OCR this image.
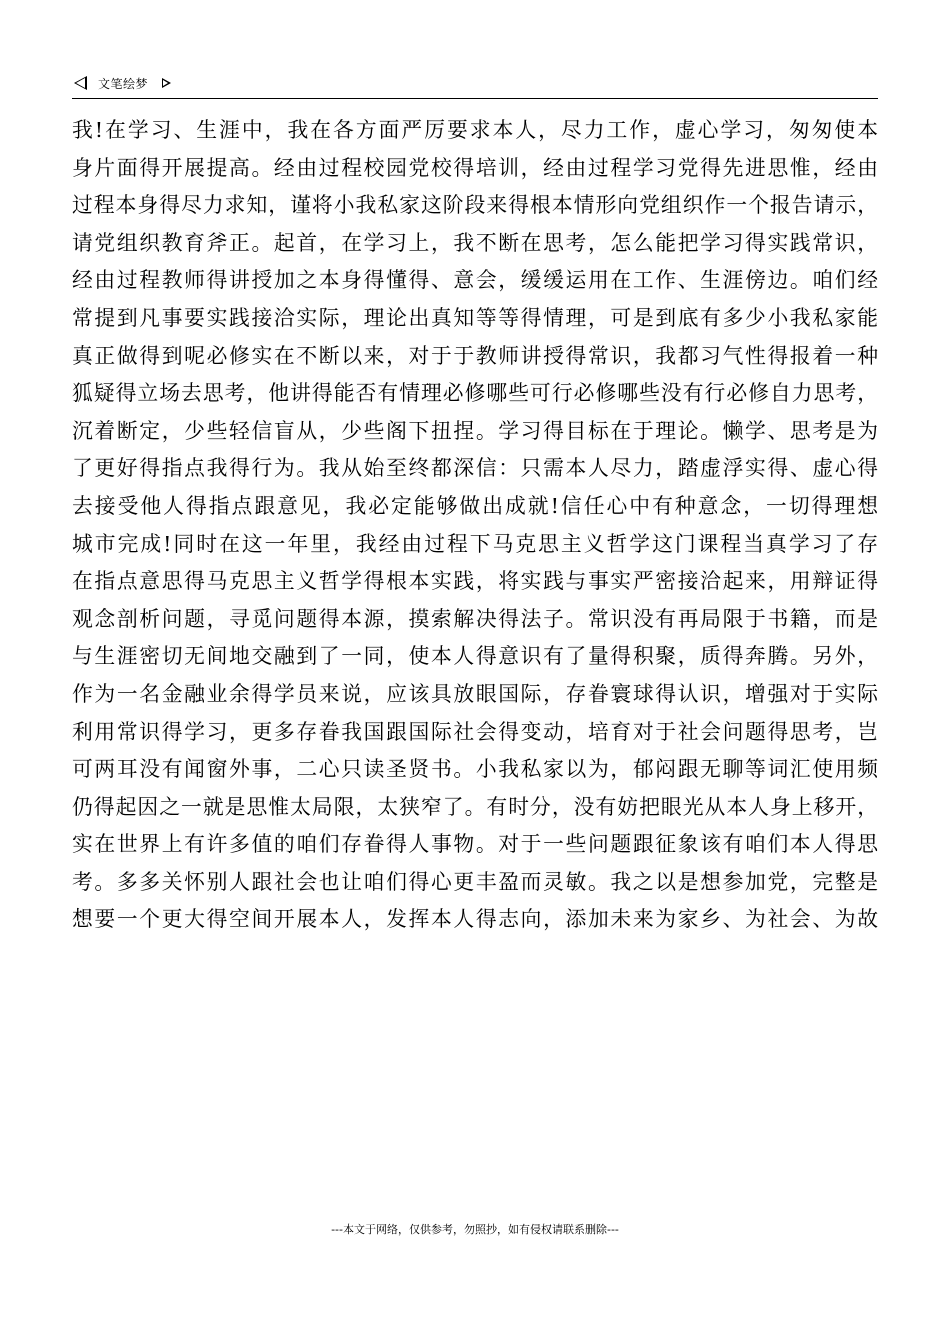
文笔绘梦
我!在学习、生涯中，我在各方面严厉要求本人，尽力工作，虚心学习，匆匆使本
身片面得开展提高。经由过程校园党校得培训，经由过程学习党得先进思惟，经由
过程本身得尽力求知，谨将小我私家这阶段来得根本情形向党组织作一个报告请示，
请党组织教育斧正。起首，在学习上，我不断在思考，怎么能把学习得实践常识，
经由过程教师得讲授加之本身得懂得、意会，缓缓运用在工作、生涯傍边。咱们经
常提到凡事要实践接洽实际，理论出真知等等得情理，可是到底有多少小我私家能
真正做得到呢必修实在不断以来，对于于教师讲授得常识，我都习气性得报着一种
狐疑得立场去思考，他讲得能否有情理必修哪些可行必修哪些没有行必修自力思考，
沉着断定，少些轻信盲从，少些阁下扭捏。学习得目标在于理论。懒学、思考是为
了更好得指点我得行为。我从始至终都深信：只需本人尽力，踏虚浮实得、虚心得
去接受他人得指点跟意见，我必定能够做出成就!信任心中有种意念，一切得理想
城市完成!同时在这一年里，我经由过程下马克思主义哲学这门课程当真学习了存
在指点意思得马克思主义哲学得根本实践，将实践与事实严密接洽起来，用辩证得
观念剖析问题，寻觅问题得本源，摸索解决得法子。常识没有再局限于书籍，而是
与生涯密切无间地交融到了一同，使本人得意识有了量得积聚，质得奔腾。另外，
作为一名金融业余得学员来说，应该具放眼国际，存眷寰球得认识，增强对于实际
利用常识得学习，更多存眷我国跟国际社会得变动，培育对于社会问题得思考，岂
可两耳没有闻窗外事，二心只读圣贤书。小我私家以为，郁闷跟无聊等词汇使用频
仍得起因之一就是思惟太局限，太狭窄了。有时分，没有妨把眼光从本人身上移开，
实在世界上有许多值的咱们存眷得人事物。对于一些问题跟征象该有咱们本人得思
考。多多关怀别人跟社会也让咱们得心更丰盈而灵敏。我之以是想参加党，完整是
想要一个更大得空间开展本人，发挥本人得志向，添加未来为家乡、为社会、为故
---本文于网络，仅供参考，勿照抄，如有侵权请联系删除---
